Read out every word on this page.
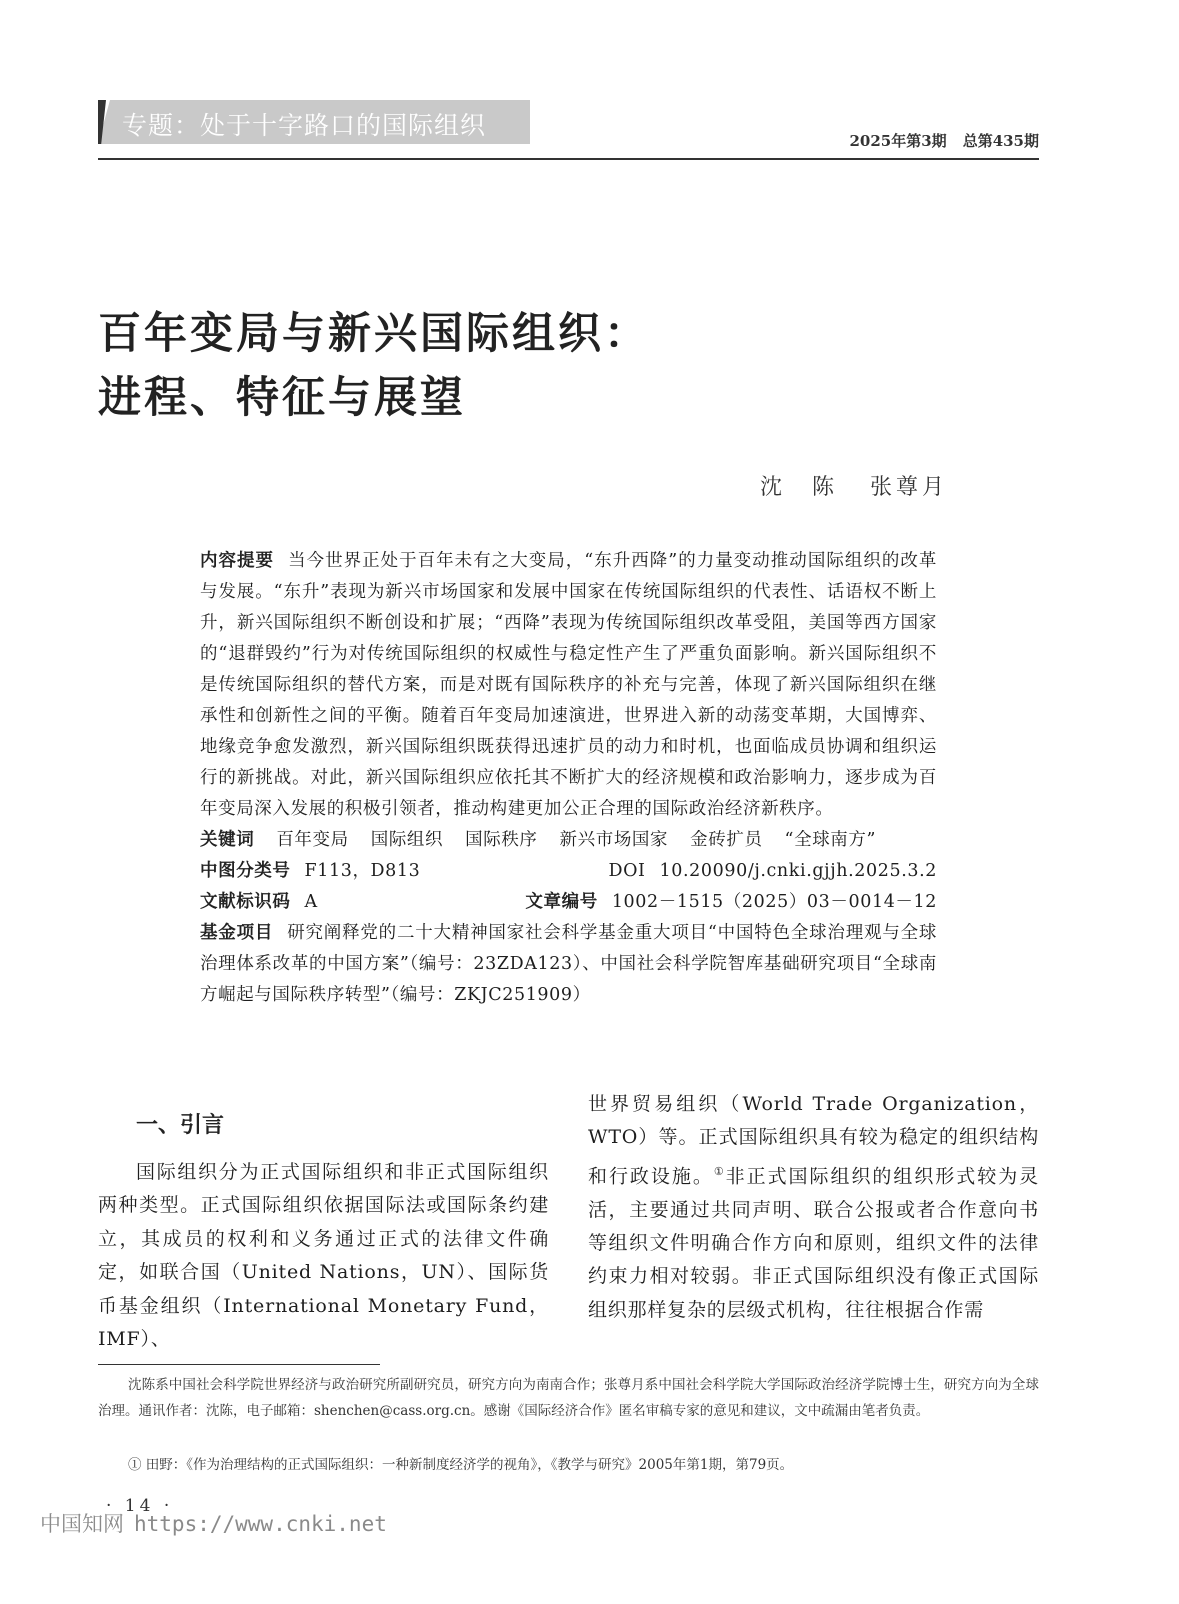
专题：处于十字路口的国际组织
2025年第3期 总第435期
百年变局与新兴国际组织：
进程、特征与展望
沈　陈 张尊月

内容提要 当今世界正处于百年未有之大变局，“东升西降”的力量变动推动国际组织的改革与发展。“东升”表现为新兴市场国家和发展中国家在传统国际组织的代表性、话语权不断上升，新兴国际组织不断创设和扩展；“西降”表现为传统国际组织改革受阻，美国等西方国家的“退群毁约”行为对传统国际组织的权威性与稳定性产生了严重负面影响。新兴国际组织不是传统国际组织的替代方案，而是对既有国际秩序的补充与完善，体现了新兴国际组织在继承性和创新性之间的平衡。随着百年变局加速演进，世界进入新的动荡变革期，大国博弈、地缘竞争愈发激烈，新兴国际组织既获得迅速扩员的动力和时机，也面临成员协调和组织运行的新挑战。对此，新兴国际组织应依托其不断扩大的经济规模和政治影响力，逐步成为百年变局深入发展的积极引领者，推动构建更加公正合理的国际政治经济新秩序。

关键词 百年变局 国际组织 国际秩序 新兴市场国家 金砖扩员 “全球南方”

中图分类号 F113，D813	DOI 10.20090/j.cnki.gjjh.2025.3.2

文献标识码 A	文章编号 1002－1515（2025）03－0014－12

基金项目 研究阐释党的二十大精神国家社会科学基金重大项目“中国特色全球治理观与全球治理体系改革的中国方案”（编号：23ZDA123）、中国社会科学院智库基础研究项目“全球南方崛起与国际秩序转型”（编号：ZKJC251909）

一、引言

国际组织分为正式国际组织和非正式国际组织两种类型。正式国际组织依据国际法或国际条约建立，其成员的权利和义务通过正式的法律文件确定，如联合国（United Nations，UN）、国际货币基金组织（International Monetary Fund，IMF）、

世界贸易组织（World Trade Organization，WTO）等。正式国际组织具有较为稳定的组织结构和行政设施。①非正式国际组织的组织形式较为灵活，主要通过共同声明、联合公报或者合作意向书等组织文件明确合作方向和原则，组织文件的法律约束力相对较弱。非正式国际组织没有像正式国际组织那样复杂的层级式机构，往往根据合作需

沈陈系中国社会科学院世界经济与政治研究所副研究员，研究方向为南南合作；张尊月系中国社会科学院大学国际政治经济学院博士生，研究方向为全球治理。通讯作者：沈陈，电子邮箱：shenchen@cass.org.cn。感谢《国际经济合作》匿名审稿专家的意见和建议，文中疏漏由笔者负责。

① 田野：《作为治理结构的正式国际组织：一种新制度经济学的视角》，《教学与研究》2005年第1期，第79页。

· 14 ·
中国知网 https://www.cnki.net
